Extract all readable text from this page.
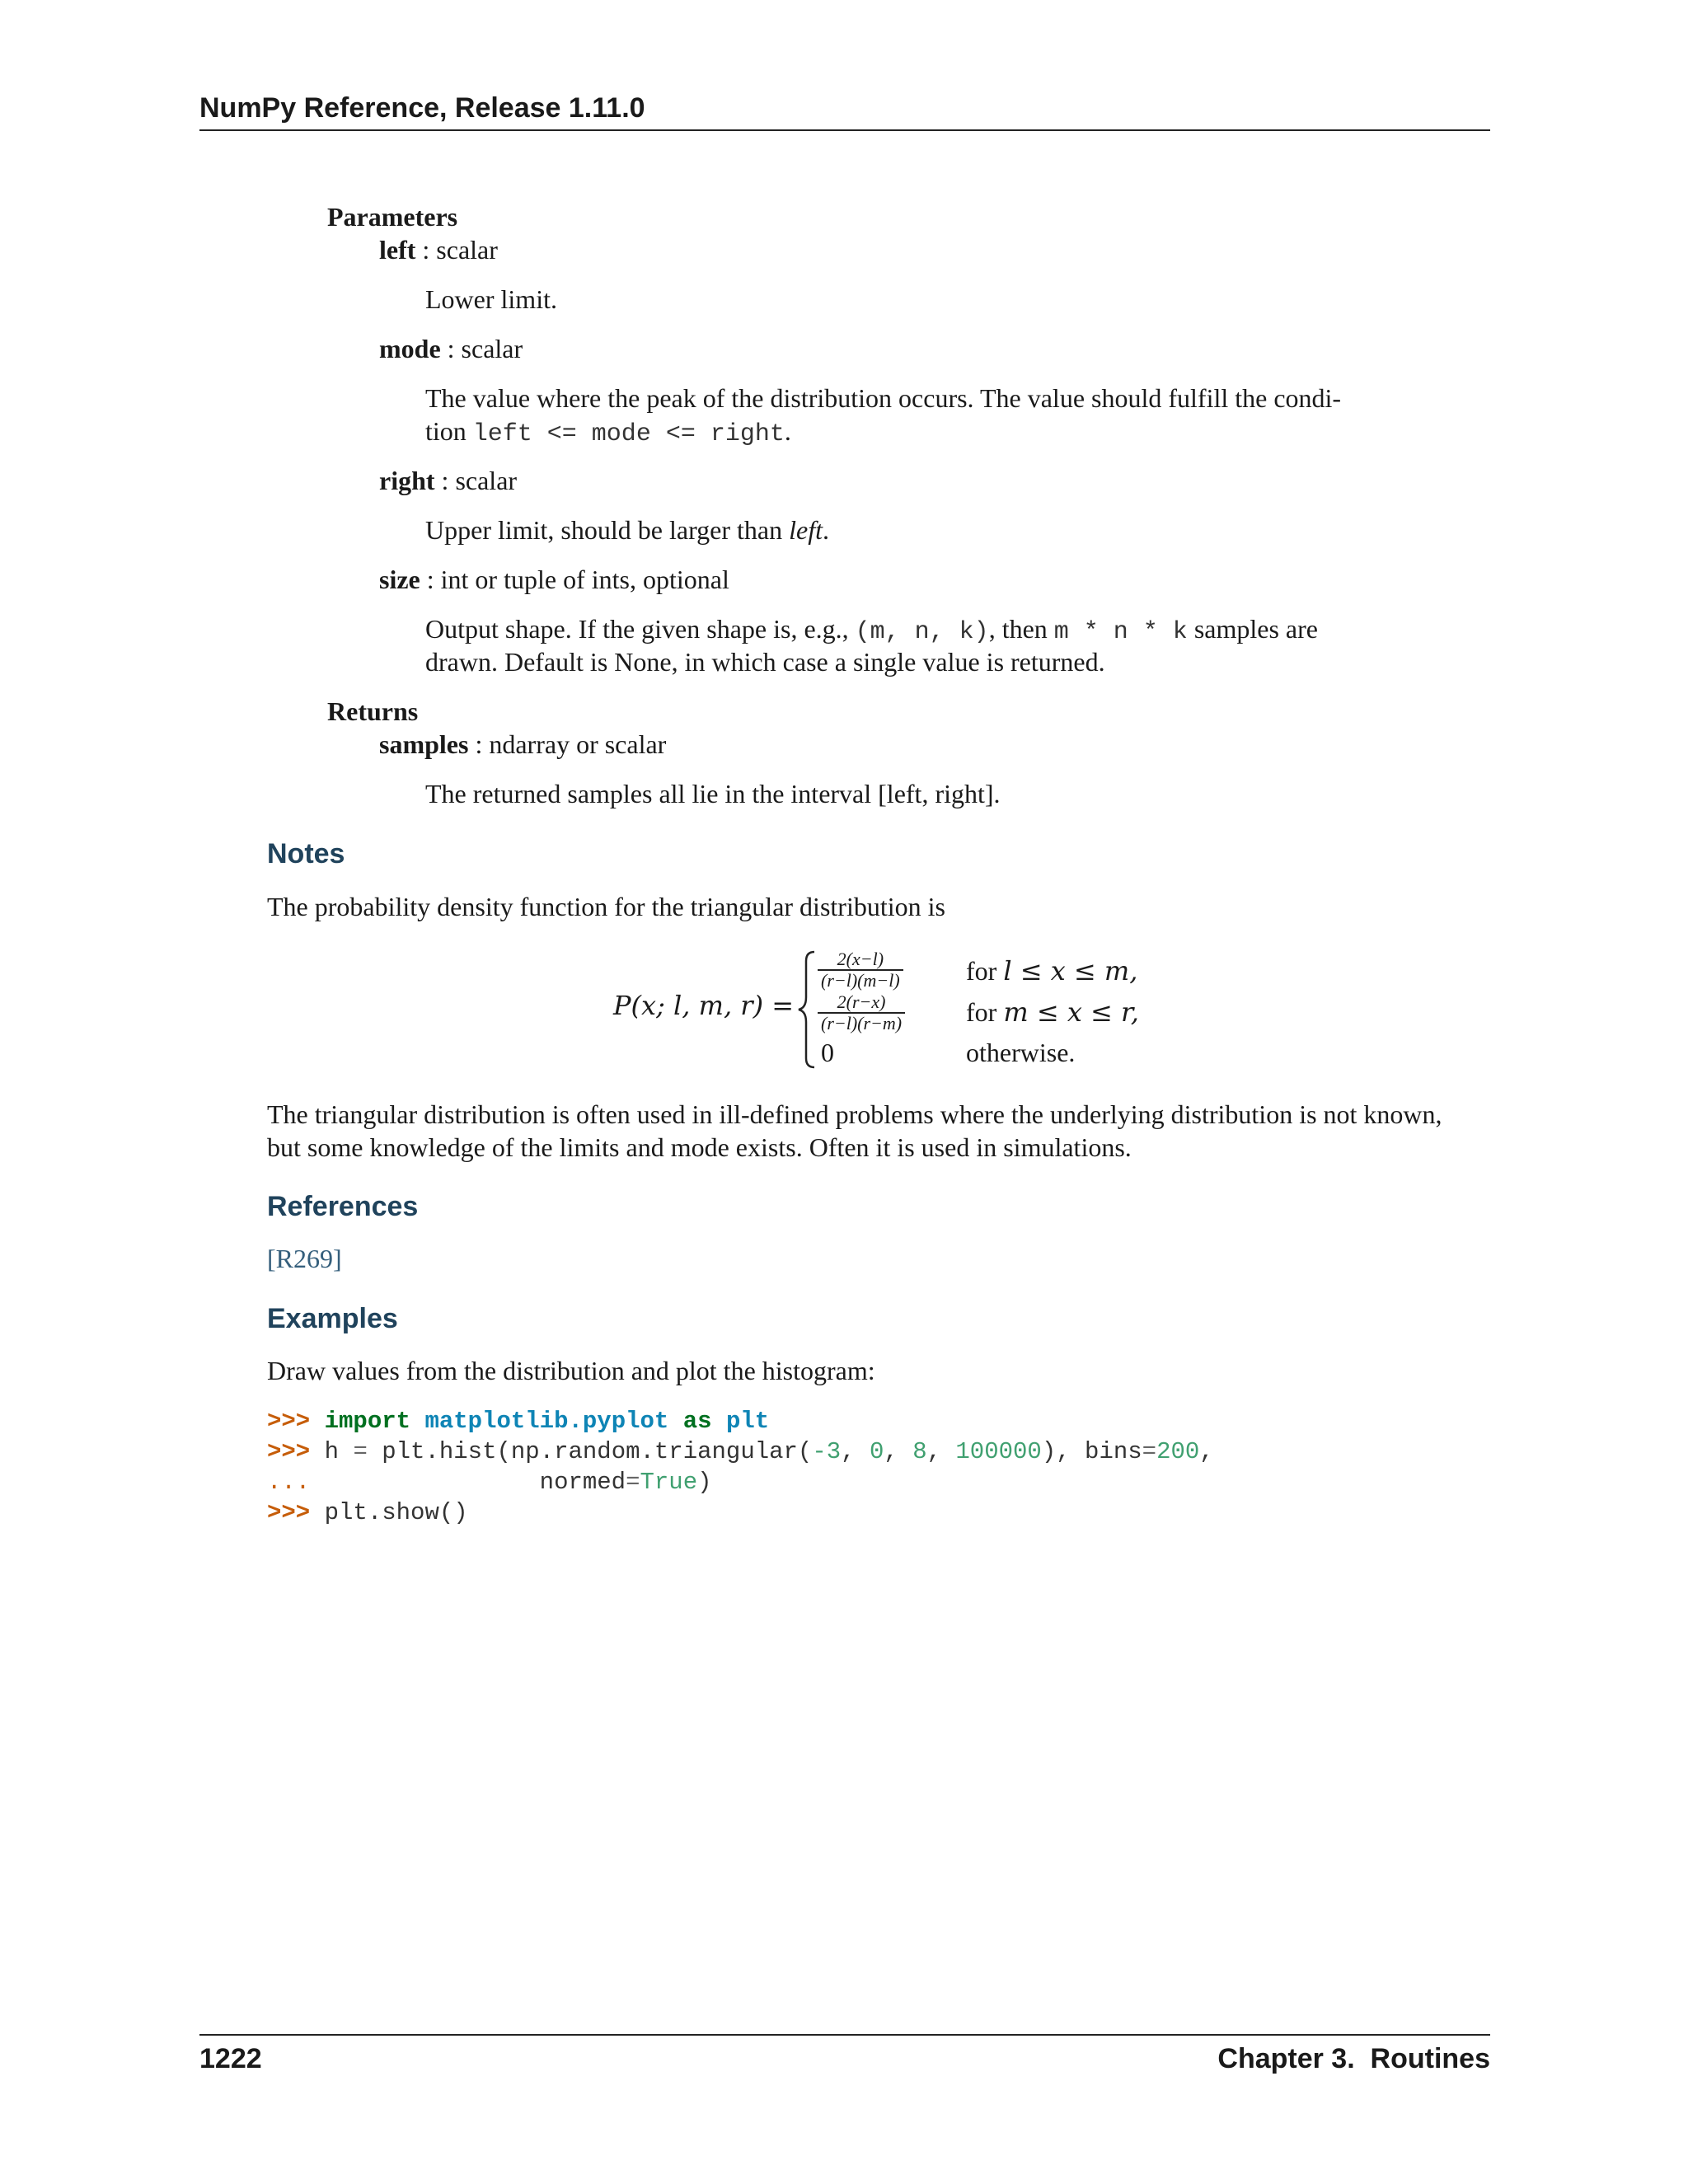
NumPy Reference, Release 1.11.0
Parameters
left : scalar
Lower limit.
mode : scalar
The value where the peak of the distribution occurs. The value should fulfill the condi-
tion left <= mode <= right.
right : scalar
Upper limit, should be larger than left.
size : int or tuple of ints, optional
Output shape. If the given shape is, e.g., (m, n, k), then m * n * k samples are
drawn. Default is None, in which case a single value is returned.
Returns
samples : ndarray or scalar
The returned samples all lie in the interval [left, right].
Notes
The probability density function for the triangular distribution is
P(x; l, m, r) =
$\frac{2(x-l)}{(r-l)(m-l)}$ for l ≤ x ≤ m,
$\frac{2(r-x)}{(r-l)(r-m)}$ for m ≤ x ≤ r,
0	otherwise.
The triangular distribution is often used in ill-defined problems where the underlying distribution is not known,
but some knowledge of the limits and mode exists. Often it is used in simulations.
References
[R269]
Examples
Draw values from the distribution and plot the histogram:
>>> import matplotlib.pyplot as plt
>>> h = plt.hist(np.random.triangular(-3, 0, 8, 100000), bins=200,
...                normed=True)
>>> plt.show()
1222	Chapter 3.  Routines
